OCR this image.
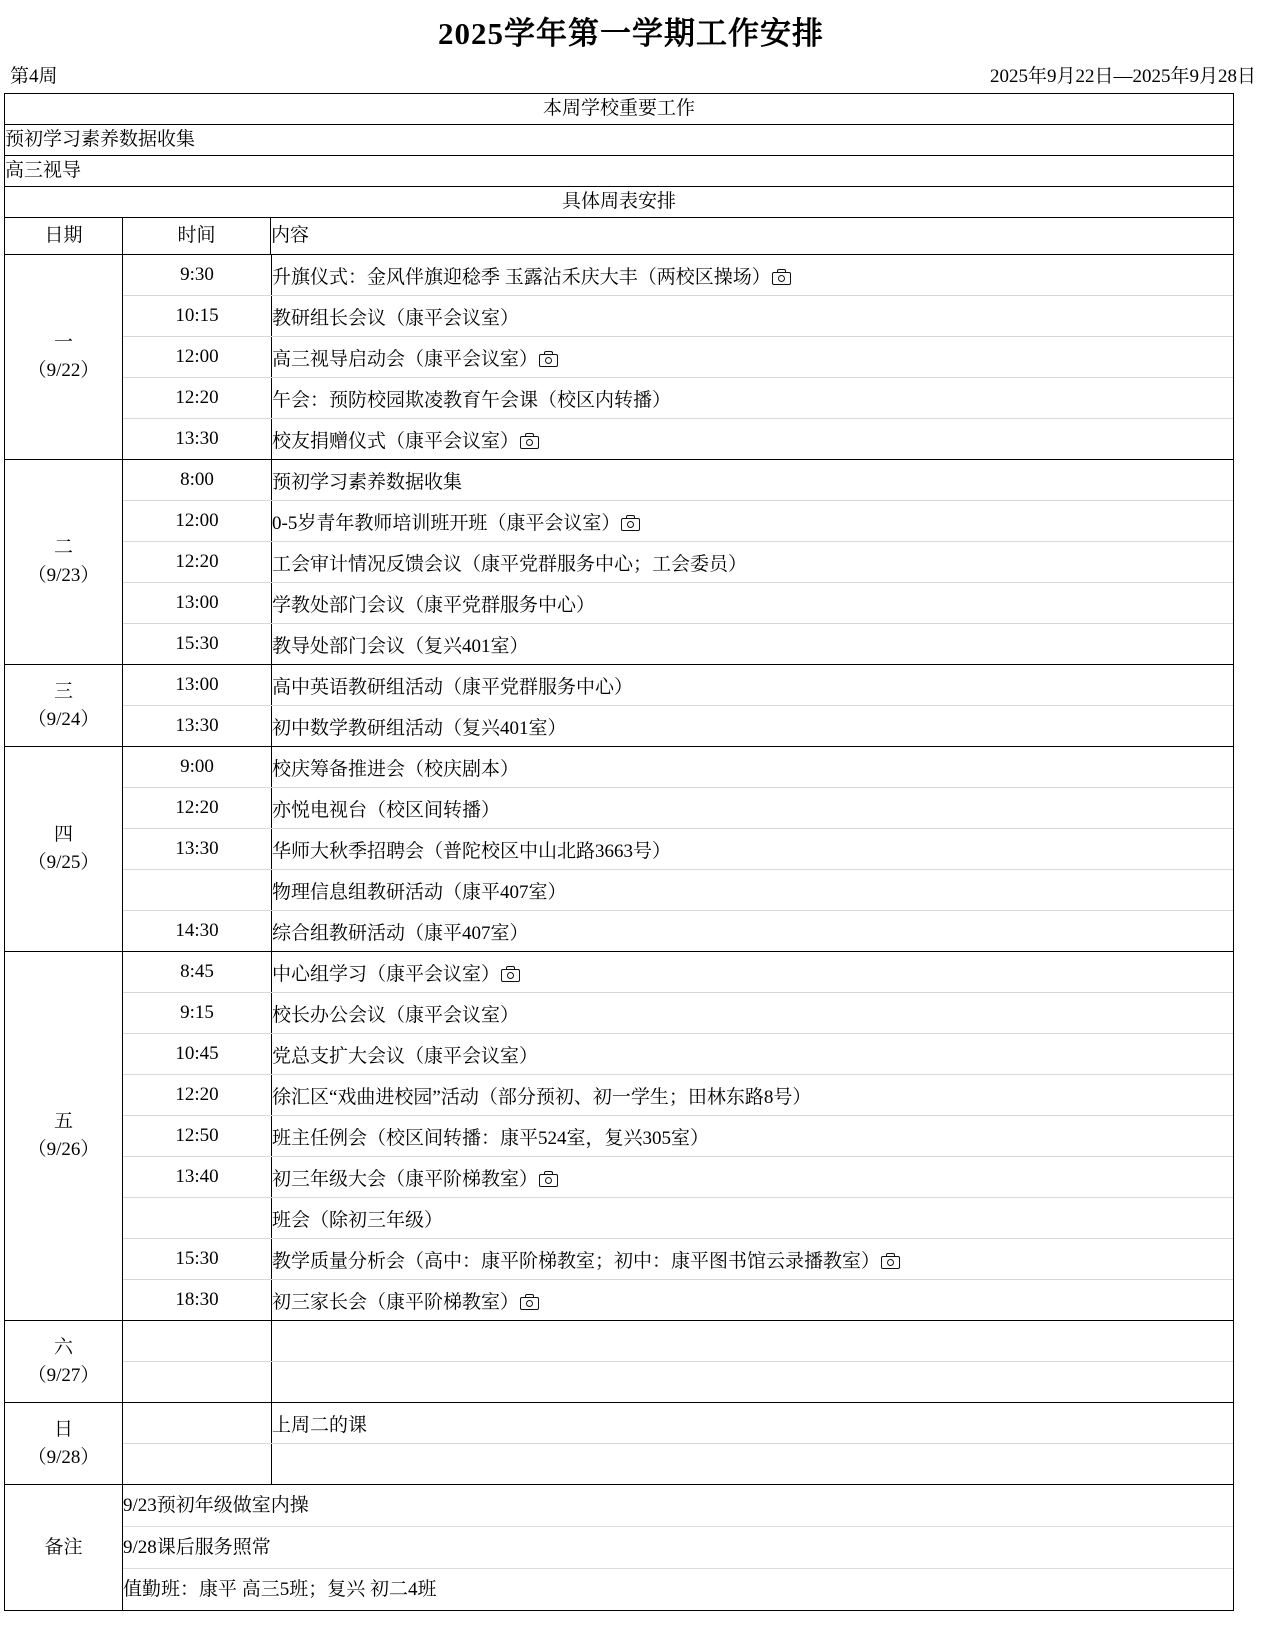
2025学年第一学期工作安排
第4周	2025年9月22日—2025年9月28日
本周学校重要工作
预初学习素养数据收集
高三视导
具体周表安排
日期	时间	内容

一
（9/22）

9:30	升旗仪式：金风伴旗迎稔季 玉露沾禾庆大丰（两校区操场）

10:15	教研组长会议（康平会议室）
12:00	高三视导启动会（康平会议室）

12:20	午会：预防校园欺凌教育午会课（校区内转播）
13:30	校友捐赠仪式（康平会议室）

二
（9/23）

8:00	预初学习素养数据收集
12:00	0-5岁青年教师培训班开班（康平会议室）

12:20	工会审计情况反馈会议（康平党群服务中心；工会委员）
13:00	学教处部门会议（康平党群服务中心）
15:30	教导处部门会议（复兴401室）

三
（9/24）

13:00	高中英语教研组活动（康平党群服务中心）
13:30	初中数学教研组活动（复兴401室）

四
（9/25）

9:00	校庆筹备推进会（校庆剧本）
12:20	亦悦电视台（校区间转播）
13:30	华师大秋季招聘会（普陀校区中山北路3663号）
	物理信息组教研活动（康平407室）
14:30	综合组教研活动（康平407室）

五
（9/26）

8:45	中心组学习（康平会议室）

9:15	校长办公会议（康平会议室）
10:45	党总支扩大会议（康平会议室）
12:20	徐汇区“戏曲进校园”活动（部分预初、初一学生；田林东路8号）
12:50	班主任例会（校区间转播：康平524室，复兴305室）
13:40	初三年级大会（康平阶梯教室）

	班会（除初三年级）
15:30	教学质量分析会（高中：康平阶梯教室；初中：康平图书馆云录播教室）

18:30	初三家长会（康平阶梯教室）

六
（9/27）

日
（9/28）

	上周二的课

备注	
9/23预初年级做室内操
9/28课后服务照常
值勤班：康平 高三5班；复兴 初二4班
